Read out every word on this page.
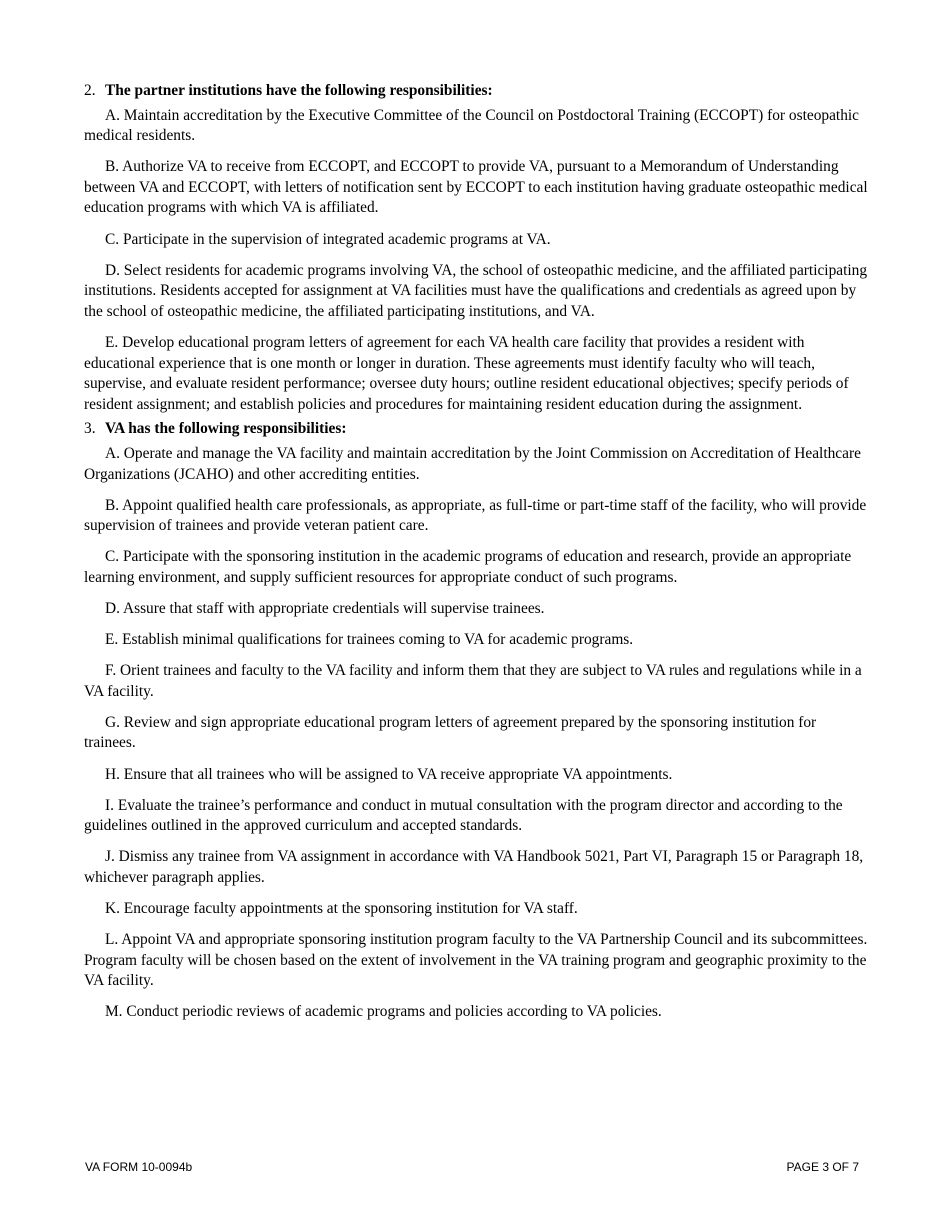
2. The partner institutions have the following responsibilities:

A. Maintain accreditation by the Executive Committee of the Council on Postdoctoral Training (ECCOPT) for osteopathic medical residents.

B. Authorize VA to receive from ECCOPT, and ECCOPT to provide VA, pursuant to a Memorandum of Understanding between VA and ECCOPT, with letters of notification sent by ECCOPT to each institution having graduate osteopathic medical education programs with which VA is affiliated.

C. Participate in the supervision of integrated academic programs at VA.

D. Select residents for academic programs involving VA, the school of osteopathic medicine, and the affiliated participating institutions. Residents accepted for assignment at VA facilities must have the qualifications and credentials as agreed upon by the school of osteopathic medicine, the affiliated participating institutions, and VA.

E. Develop educational program letters of agreement for each VA health care facility that provides a resident with educational experience that is one month or longer in duration. These agreements must identify faculty who will teach, supervise, and evaluate resident performance; oversee duty hours; outline resident educational objectives; specify periods of resident assignment; and establish policies and procedures for maintaining resident education during the assignment.

3. VA has the following responsibilities:

A. Operate and manage the VA facility and maintain accreditation by the Joint Commission on Accreditation of Healthcare Organizations (JCAHO) and other accrediting entities.

B. Appoint qualified health care professionals, as appropriate, as full-time or part-time staff of the facility, who will provide supervision of trainees and provide veteran patient care.

C. Participate with the sponsoring institution in the academic programs of education and research, provide an appropriate learning environment, and supply sufficient resources for appropriate conduct of such programs.

D. Assure that staff with appropriate credentials will supervise trainees.

E. Establish minimal qualifications for trainees coming to VA for academic programs.

F. Orient trainees and faculty to the VA facility and inform them that they are subject to VA rules and regulations while in a VA facility.

G. Review and sign appropriate educational program letters of agreement prepared by the sponsoring institution for trainees.

H. Ensure that all trainees who will be assigned to VA receive appropriate VA appointments.

I. Evaluate the trainee’s performance and conduct in mutual consultation with the program director and according to the guidelines outlined in the approved curriculum and accepted standards.

J. Dismiss any trainee from VA assignment in accordance with VA Handbook 5021, Part VI, Paragraph 15 or Paragraph 18, whichever paragraph applies.

K. Encourage faculty appointments at the sponsoring institution for VA staff.

L. Appoint VA and appropriate sponsoring institution program faculty to the VA Partnership Council and its subcommittees. Program faculty will be chosen based on the extent of involvement in the VA training program and geographic proximity to the VA facility.

M. Conduct periodic reviews of academic programs and policies according to VA policies.

VA FORM 10-0094b	PAGE 3 OF 7
